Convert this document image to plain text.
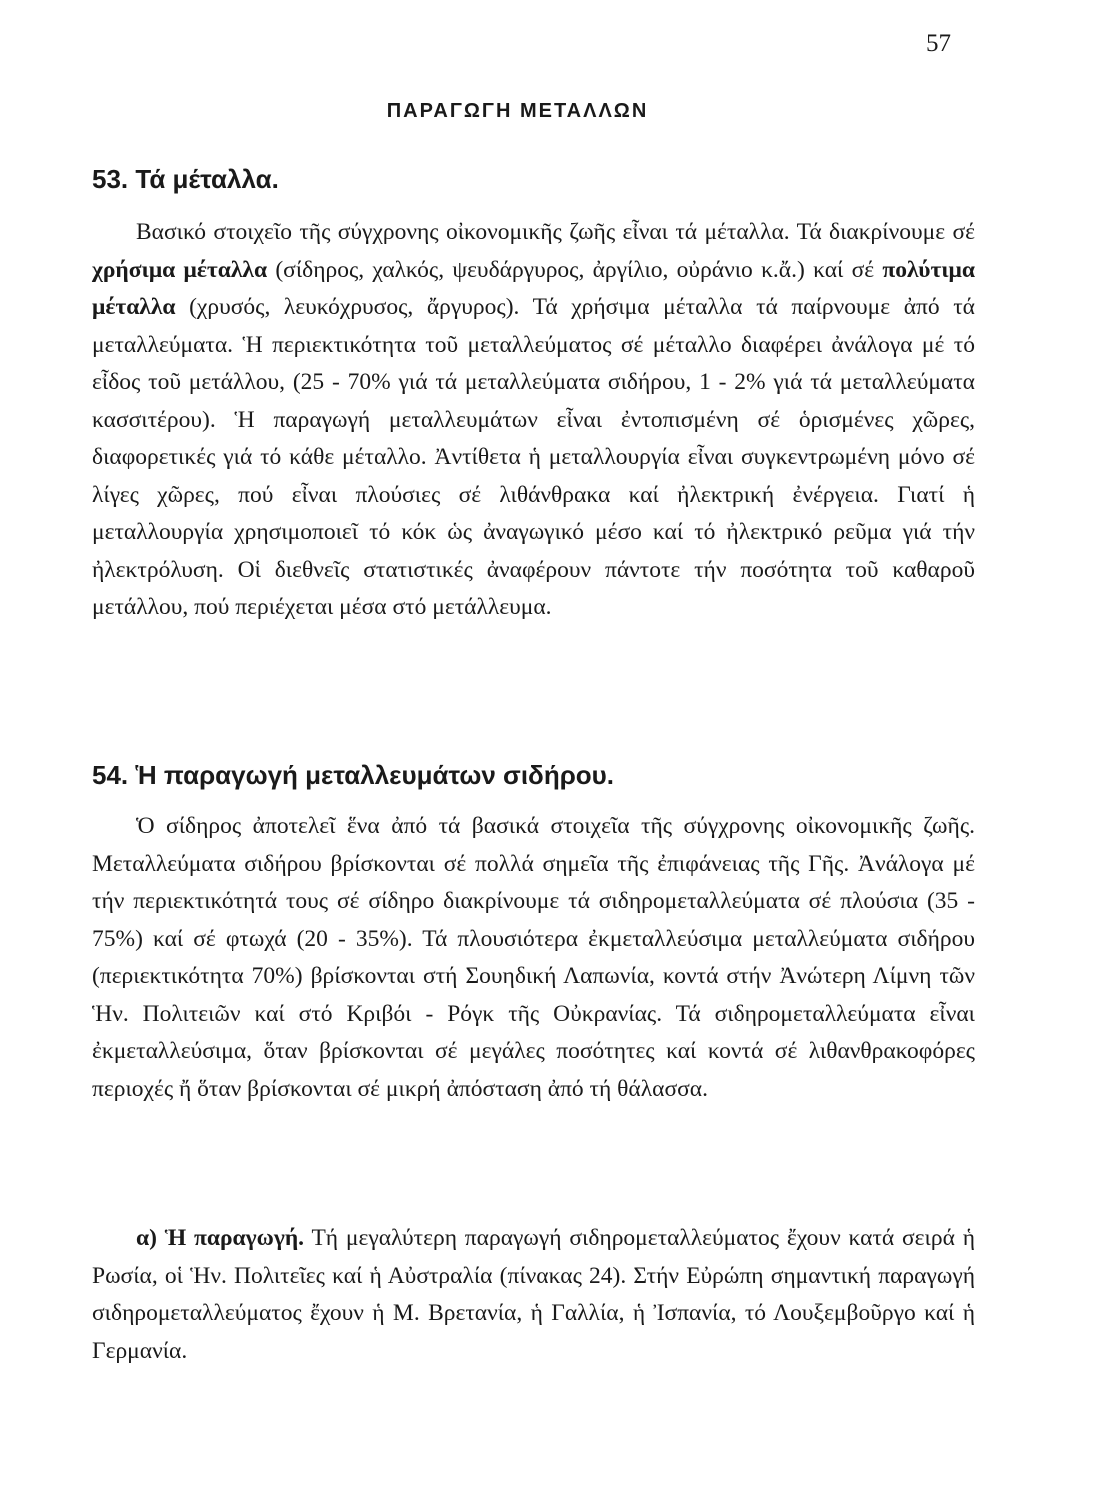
57
ΠΑΡΑΓΩΓΗ ΜΕΤΑΛΛΩΝ
53. Τά μέταλλα.

Βασικό στοιχεῖο τῆς σύγχρονης οἰκονομικῆς ζωῆς εἶναι τά μέταλλα. Τά διακρίνουμε σέ χρήσιμα μέταλλα (σίδηρος, χαλκός, ψευδάργυρος, ἀργίλιο, οὐράνιο κ.ἄ.) καί σέ πολύτιμα μέταλλα (χρυσός, λευκόχρυσος, ἄργυρος). Τά χρήσιμα μέταλλα τά παίρνουμε ἀπό τά μεταλλεύματα. Ἡ περιεκτικότητα τοῦ μεταλλεύματος σέ μέταλλο διαφέρει ἀνάλογα μέ τό εἶδος τοῦ μετάλλου, (25 - 70% γιά τά μεταλλεύματα σιδήρου, 1 - 2% γιά τά μεταλλεύματα κασσιτέρου). Ἡ παραγωγή μεταλλευμάτων εἶναι ἐντοπισμένη σέ ὁρισμένες χῶρες, διαφορετικές γιά τό κάθε μέταλλο. Ἀντίθετα ἡ μεταλλουργία εἶναι συγκεντρωμένη μόνο σέ λίγες χῶρες, πού εἶναι πλούσιες σέ λιθάνθρακα καί ἠλεκτρική ἐνέργεια. Γιατί ἡ μεταλλουργία χρησιμοποιεῖ τό κόκ ὡς ἀναγωγικό μέσο καί τό ἠλεκτρικό ρεῦμα γιά τήν ἠλεκτρόλυση. Οἱ διεθνεῖς στατιστικές ἀναφέρουν πάντοτε τήν ποσότητα τοῦ καθαροῦ μετάλλου, πού περιέχεται μέσα στό μετάλλευμα.

54. Ἡ παραγωγή μεταλλευμάτων σιδήρου.

Ὁ σίδηρος ἀποτελεῖ ἕνα ἀπό τά βασικά στοιχεῖα τῆς σύγχρονης οἰκονομικῆς ζωῆς. Μεταλλεύματα σιδήρου βρίσκονται σέ πολλά σημεῖα τῆς ἐπιφάνειας τῆς Γῆς. Ἀνάλογα μέ τήν περιεκτικότητά τους σέ σίδηρο διακρίνουμε τά σιδηρομεταλλεύματα σέ πλούσια (35 - 75%) καί σέ φτωχά (20 - 35%). Τά πλουσιότερα ἐκμεταλλεύσιμα μεταλλεύματα σιδήρου (περιεκτικότητα 70%) βρίσκονται στή Σουηδική Λαπωνία, κοντά στήν Ἀνώτερη Λίμνη τῶν Ἡν. Πολιτειῶν καί στό Κριβόι - Ρόγκ τῆς Οὐκρανίας. Τά σιδηρομεταλλεύματα εἶναι ἐκμεταλλεύσιμα, ὅταν βρίσκονται σέ μεγάλες ποσότητες καί κοντά σέ λιθανθρακοφόρες περιοχές ἤ ὅταν βρίσκονται σέ μικρή ἀπόσταση ἀπό τή θάλασσα.

α) Ἡ παραγωγή. Τή μεγαλύτερη παραγωγή σιδηρομεταλλεύματος ἔχουν κατά σειρά ἡ Ρωσία, οἱ Ἡν. Πολιτεῖες καί ἡ Αὐστραλία (πίνακας 24). Στήν Εὐρώπη σημαντική παραγωγή σιδηρομεταλλεύματος ἔχουν ἡ Μ. Βρετανία, ἡ Γαλλία, ἡ Ἰσπανία, τό Λουξεμβοῦργο καί ἡ Γερμανία.
